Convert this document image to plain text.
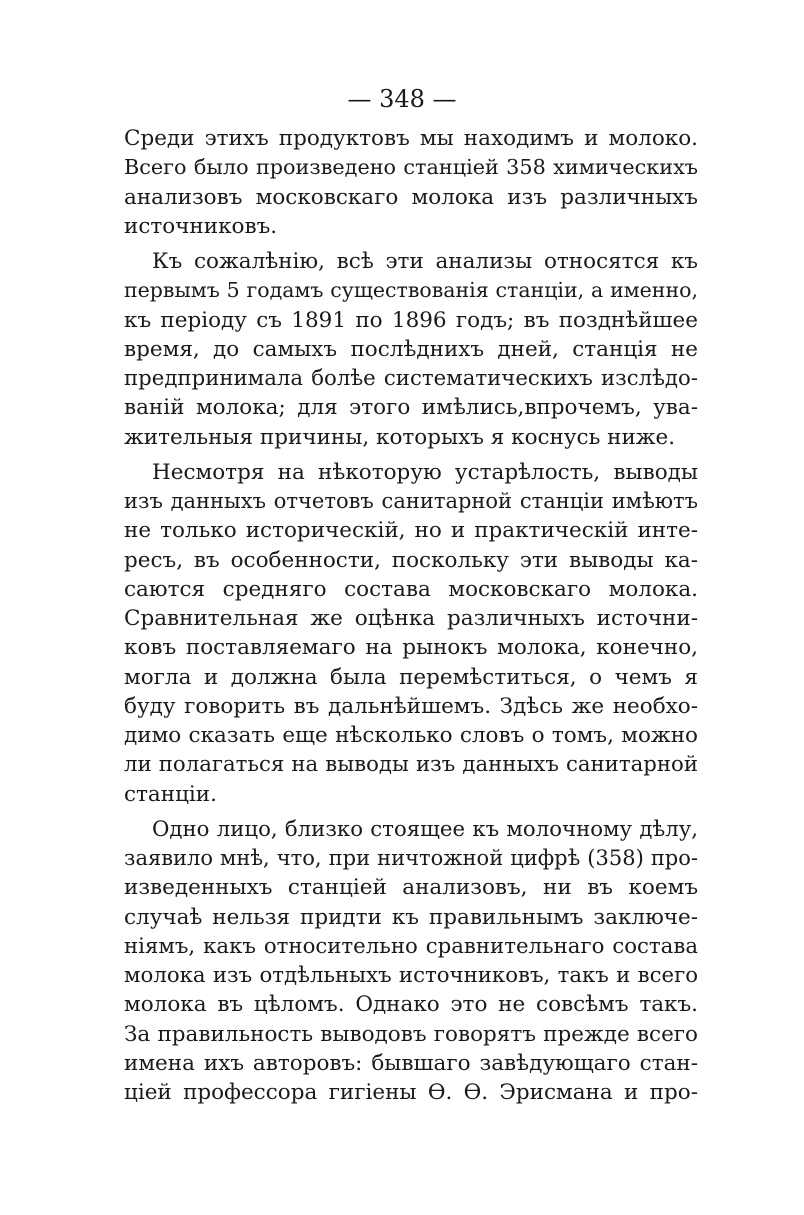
— 348 —
Среди этихъ продуктовъ мы находимъ и молоко.
Всего было произведено станціей 358 химическихъ
анализовъ московскаго молока изъ различныхъ
источниковъ.
Къ сожалѣнію, всѣ эти анализы относятся къ
первымъ 5 годамъ существованія станціи, а именно,
къ періоду съ 1891 по 1896 годъ; въ позднѣйшее
время, до самыхъ послѣднихъ дней, станція не
предпринимала болѣе систематическихъ изслѣдо-
ваній молока; для этого имѣлись,впрочемъ, ува-
жительныя причины, которыхъ я коснусь ниже.
Несмотря на нѣкоторую устарѣлость, выводы
изъ данныхъ отчетовъ санитарной станціи имѣютъ
не только историческій, но и практическій инте-
ресъ, въ особенности, поскольку эти выводы ка-
саются средняго состава московскаго молока.
Сравнительная же оцѣнка различныхъ источни-
ковъ поставляемаго на рынокъ молока, конечно,
могла и должна была перемѣститься, о чемъ я
буду говорить въ дальнѣйшемъ. Здѣсь же необхо-
димо сказать еще нѣсколько словъ о томъ, можно
ли полагаться на выводы изъ данныхъ санитарной
станціи.
Одно лицо, близко стоящее къ молочному дѣлу,
заявило мнѣ, что, при ничтожной цифрѣ (358) про-
изведенныхъ станціей анализовъ, ни въ коемъ
случаѣ нельзя придти къ правильнымъ заключе-
ніямъ, какъ относительно сравнительнаго состава
молока изъ отдѣльныхъ источниковъ, такъ и всего
молока въ цѣломъ. Однако это не совсѣмъ такъ.
За правильность выводовъ говорятъ прежде всего
имена ихъ авторовъ: бывшаго завѣдующаго стан-
ціей профессора гигіены Ѳ. Ѳ. Эрисмана и про-
